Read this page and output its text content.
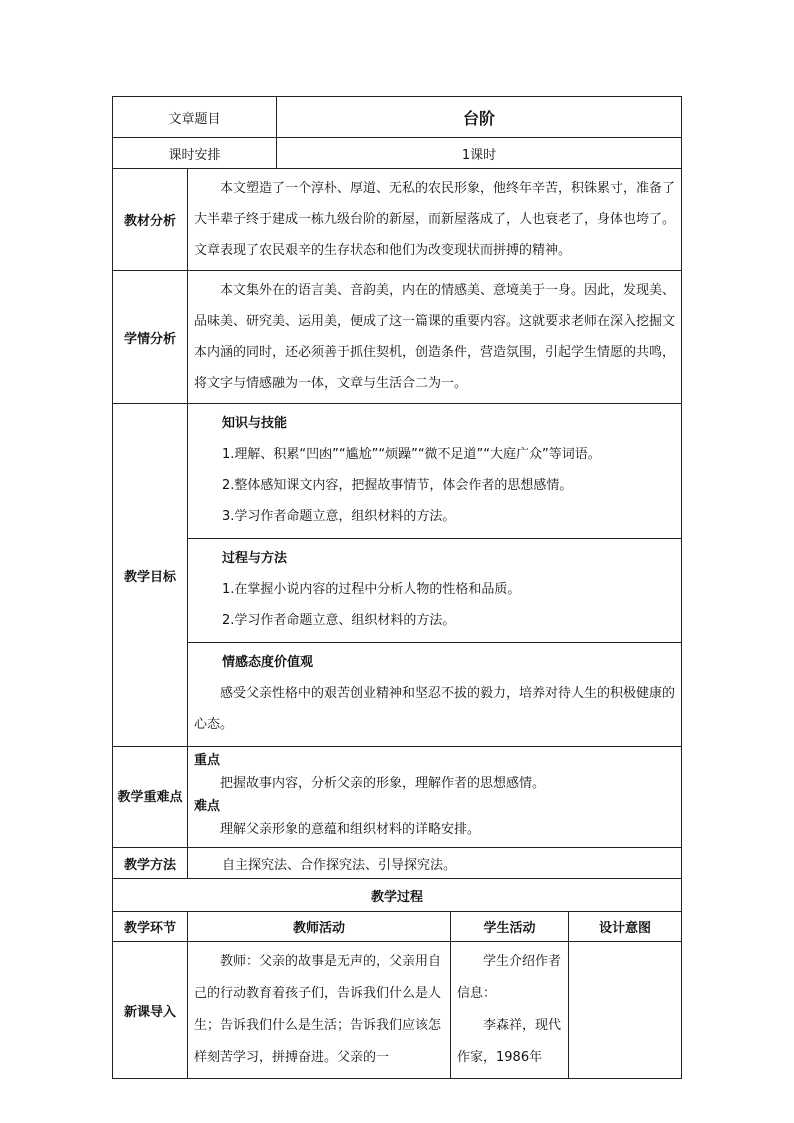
文章题目		台阶		
课时安排		1课时		
教材分析	本文塑造了一个淳朴、厚道、无私的农民形象，他终年辛苦，积铢累寸，准备了大半辈子终于建成一栋九级台阶的新屋，而新屋落成了，人也衰老了，身体也垮了。文章表现了农民艰辛的生存状态和他们为改变现状而拼搏的精神。			

学情分析	本文集外在的语言美、音韵美，内在的情感美、意境美于一身。因此，发现美、品味美、研究美、运用美，便成了这一篇课的重要内容。这就要求老师在深入挖掘文本内涵的同时，还必须善于抓住契机，创造条件，营造氛围，引起学生情愿的共鸣，将文字与情感融为一体，文章与生活合二为一。			

教学目标	知识与技能
1.理解、积累“凹凼”“尴尬”“烦躁”“微不足道”“大庭广众”等词语。
2.整体感知课文内容，把握故事情节，体会作者的思想感情。
3.学习作者命题立意，组织材料的方法。			

	过程与方法
1.在掌握小说内容的过程中分析人物的性格和品质。
2.学习作者命题立意、组织材料的方法。			

	情感态度价值观
感受父亲性格中的艰苦创业精神和坚忍不拔的毅力，培养对待人生的积极健康的心态。			

教学重难点	重点
把握故事内容，分析父亲的形象，理解作者的思想感情。
难点
理解父亲形象的意蕴和组织材料的详略安排。			

教学方法	自主探究法、合作探究法、引导探究法。			
教学过程				
教学环节	教师活动		学生活动	设计意图
新课导入	教师：父亲的故事是无声的，父亲用自己的行动教育着孩子们，告诉我们什么是人生；告诉我们什么是生活；告诉我们应该怎样刻苦学习，拼搏奋进。父亲的一		学生介绍作者信息：
李森祥，现代作家，1986年	
